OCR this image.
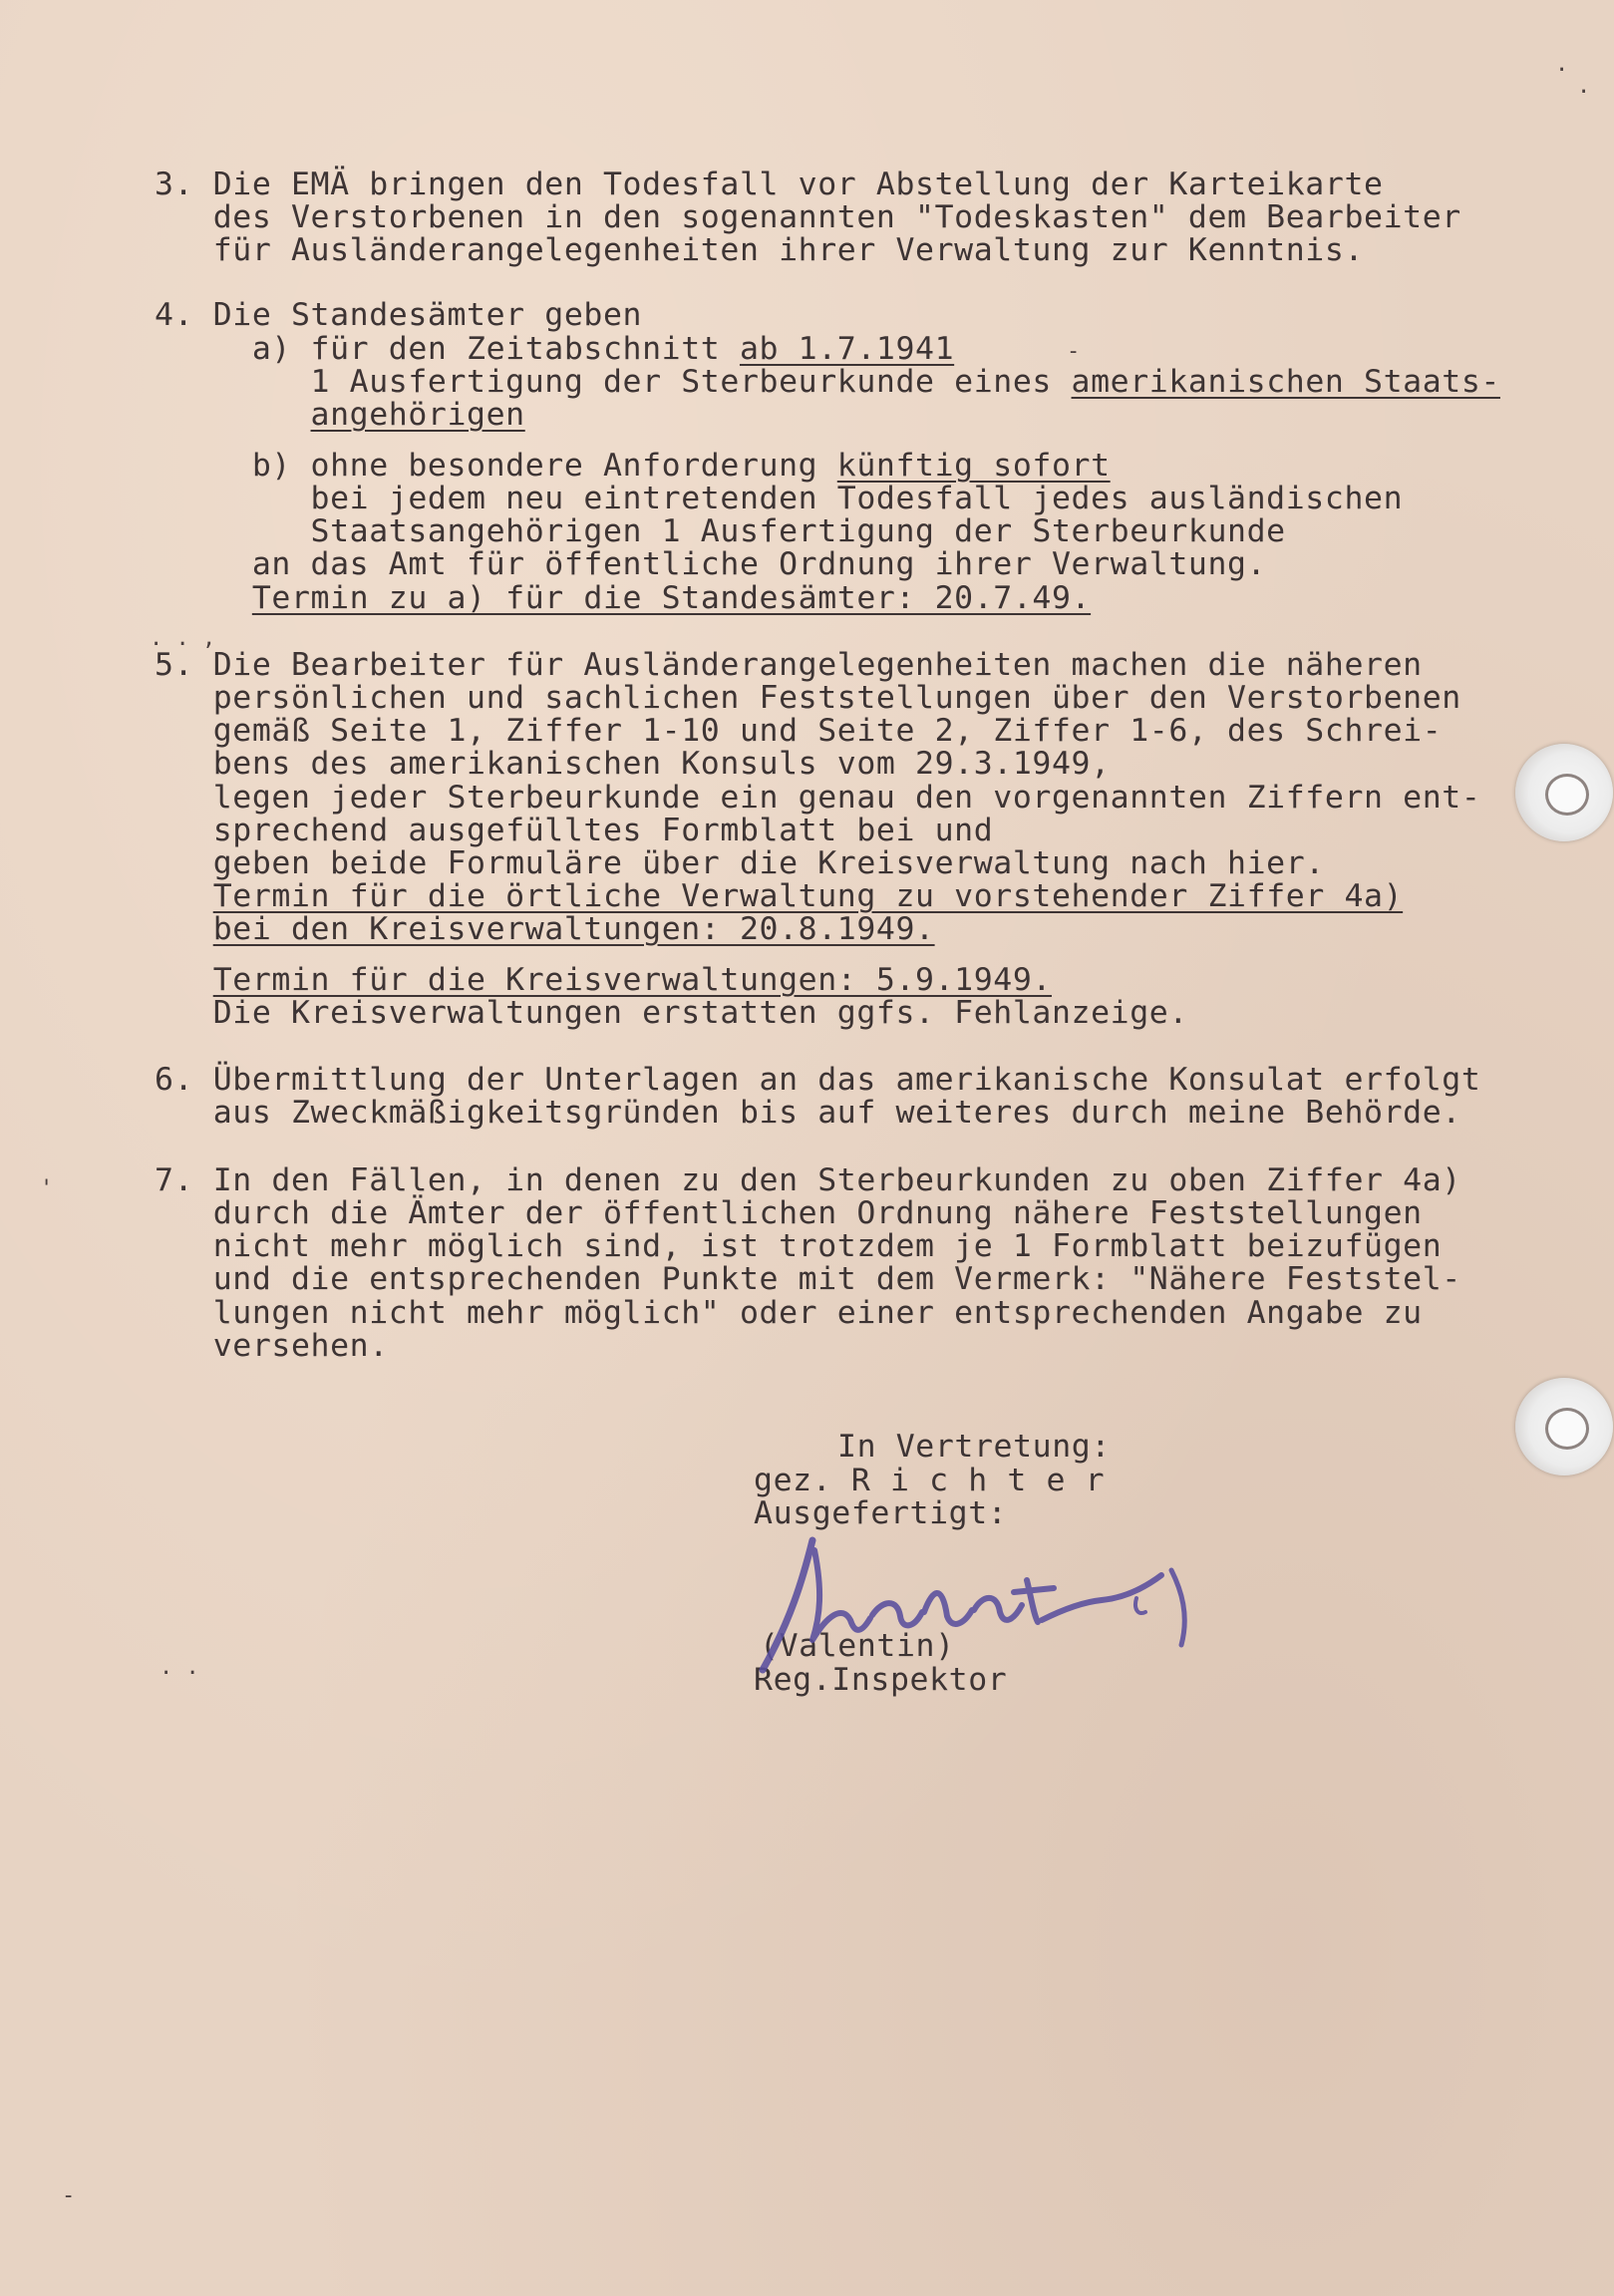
3. Die EMÄ bringen den Todesfall vor Abstellung der Karteikarte
des Verstorbenen in den sogenannten "Todeskasten" dem Bearbeiter
für Ausländerangelegenheiten ihrer Verwaltung zur Kenntnis.
4. Die Standesämter geben
a) für den Zeitabschnitt ab 1.7.1941
1 Ausfertigung der Sterbeurkunde eines amerikanischen Staats-
angehörigen
b) ohne besondere Anforderung künftig sofort
bei jedem neu eintretenden Todesfall jedes ausländischen
Staatsangehörigen 1 Ausfertigung der Sterbeurkunde
an das Amt für öffentliche Ordnung ihrer Verwaltung.
Termin zu a) für die Standesämter: 20.7.49.
5. Die Bearbeiter für Ausländerangelegenheiten machen die näheren
persönlichen und sachlichen Feststellungen über den Verstorbenen
gemäß Seite 1, Ziffer 1-10 und Seite 2, Ziffer 1-6, des Schrei-
bens des amerikanischen Konsuls vom 29.3.1949,
legen jeder Sterbeurkunde ein genau den vorgenannten Ziffern ent-
sprechend ausgefülltes Formblatt bei und
geben beide Formuläre über die Kreisverwaltung nach hier.
Termin für die örtliche Verwaltung zu vorstehender Ziffer 4a)
bei den Kreisverwaltungen: 20.8.1949.
Termin für die Kreisverwaltungen: 5.9.1949.
Die Kreisverwaltungen erstatten ggfs. Fehlanzeige.
6. Übermittlung der Unterlagen an das amerikanische Konsulat erfolgt
aus Zweckmäßigkeitsgründen bis auf weiteres durch meine Behörde.
7. In den Fällen, in denen zu den Sterbeurkunden zu oben Ziffer 4a)
durch die Ämter der öffentlichen Ordnung nähere Feststellungen
nicht mehr möglich sind, ist trotzdem je 1 Formblatt beizufügen
und die entsprechenden Punkte mit dem Vermerk: "Nähere Feststel-
lungen nicht mehr möglich" oder einer entsprechenden Angabe zu
versehen.
In Vertretung:
gez. R i c h t e r
Ausgefertigt:
(Valentin)
Reg.Inspektor
·
·
. . ,
-
'
. .
-
